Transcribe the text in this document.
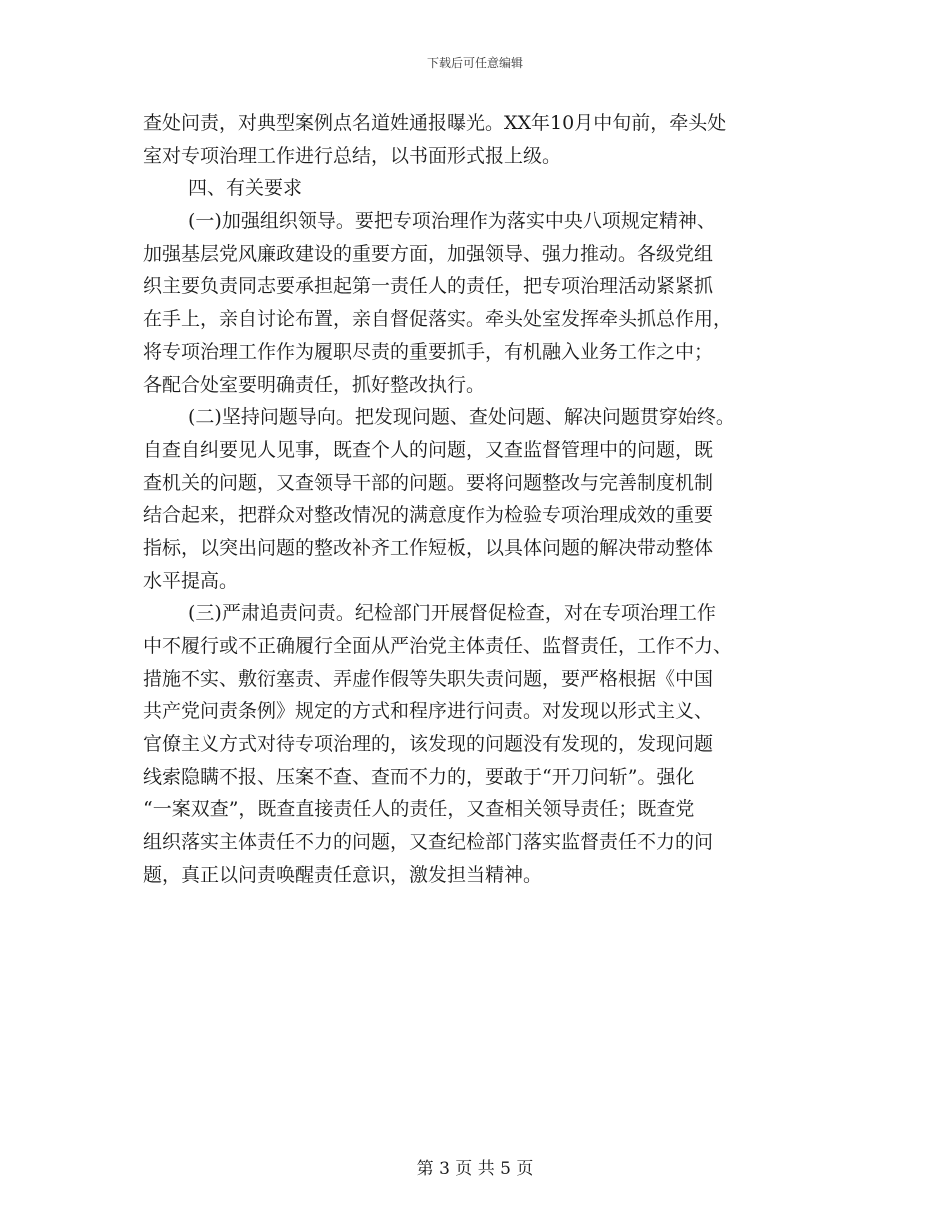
下载后可任意编辑
查处问责，对典型案例点名道姓通报曝光。XX年10月中旬前，牵头处
室对专项治理工作进行总结，以书面形式报上级。
四、有关要求
(一)加强组织领导。要把专项治理作为落实中央八项规定精神、
加强基层党风廉政建设的重要方面，加强领导、强力推动。各级党组
织主要负责同志要承担起第一责任人的责任，把专项治理活动紧紧抓
在手上，亲自讨论布置，亲自督促落实。牵头处室发挥牵头抓总作用，
将专项治理工作作为履职尽责的重要抓手，有机融入业务工作之中；
各配合处室要明确责任，抓好整改执行。
(二)坚持问题导向。把发现问题、查处问题、解决问题贯穿始终。
自查自纠要见人见事，既查个人的问题，又查监督管理中的问题，既
查机关的问题，又查领导干部的问题。要将问题整改与完善制度机制
结合起来，把群众对整改情况的满意度作为检验专项治理成效的重要
指标，以突出问题的整改补齐工作短板，以具体问题的解决带动整体
水平提高。
(三)严肃追责问责。纪检部门开展督促检查，对在专项治理工作
中不履行或不正确履行全面从严治党主体责任、监督责任，工作不力、
措施不实、敷衍塞责、弄虚作假等失职失责问题，要严格根据《中国
共产党问责条例》规定的方式和程序进行问责。对发现以形式主义、
官僚主义方式对待专项治理的，该发现的问题没有发现的，发现问题
线索隐瞒不报、压案不查、查而不力的，要敢于“开刀问斩”。强化
“一案双查”，既查直接责任人的责任，又查相关领导责任；既查党
组织落实主体责任不力的问题，又查纪检部门落实监督责任不力的问
题，真正以问责唤醒责任意识，激发担当精神。
第 3 页 共 5 页
